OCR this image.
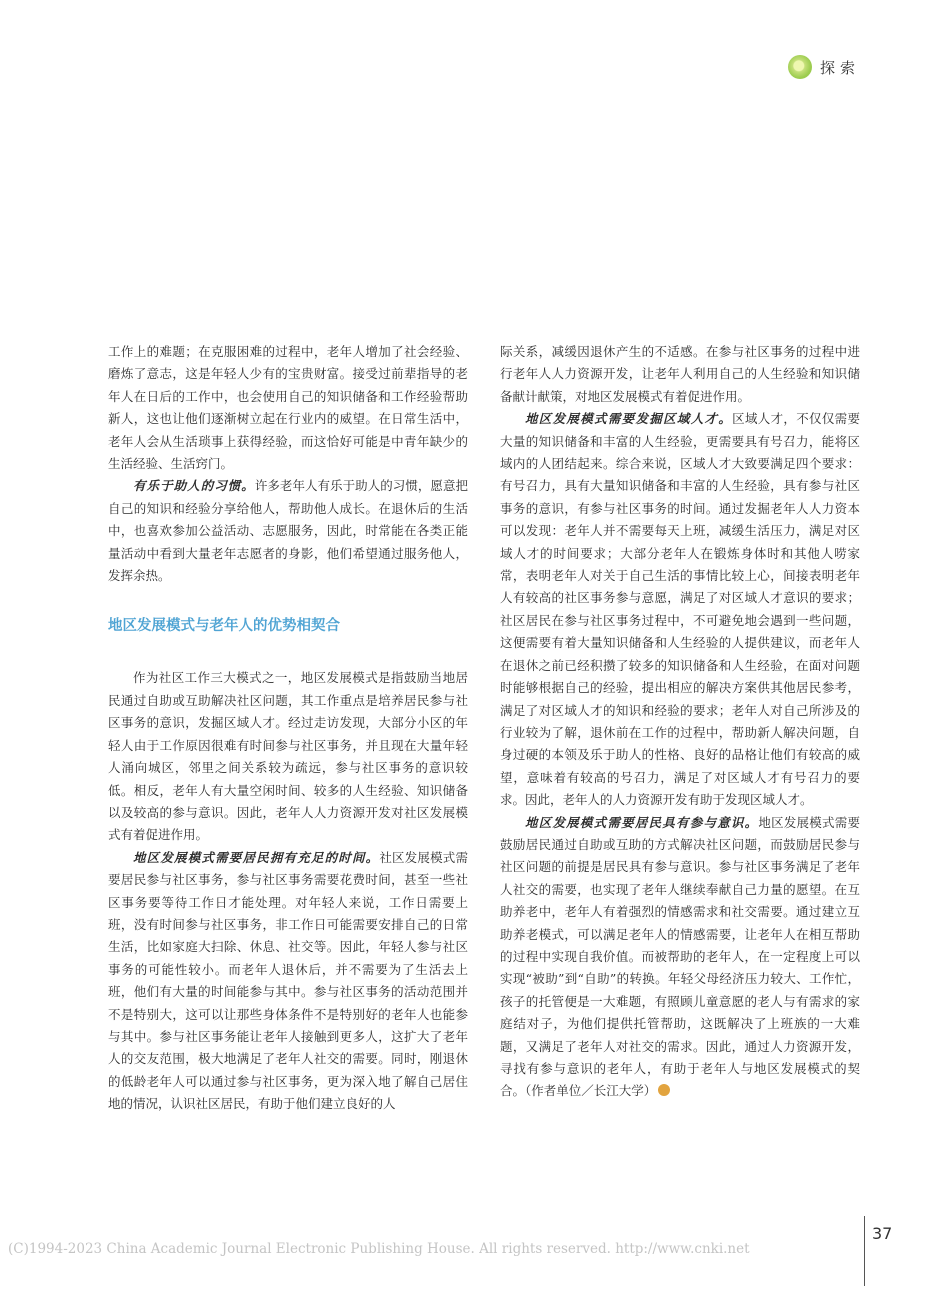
探索

工作上的难题；在克服困难的过程中，老年人增加了社会经验、磨炼了意志，这是年轻人少有的宝贵财富。接受过前辈指导的老年人在日后的工作中，也会使用自己的知识储备和工作经验帮助新人，这也让他们逐渐树立起在行业内的威望。在日常生活中，老年人会从生活琐事上获得经验，而这恰好可能是中青年缺少的生活经验、生活窍门。

有乐于助人的习惯。许多老年人有乐于助人的习惯，愿意把自己的知识和经验分享给他人，帮助他人成长。在退休后的生活中，也喜欢参加公益活动、志愿服务，因此，时常能在各类正能量活动中看到大量老年志愿者的身影，他们希望通过服务他人，发挥余热。

地区发展模式与老年人的优势相契合

作为社区工作三大模式之一，地区发展模式是指鼓励当地居民通过自助或互助解决社区问题，其工作重点是培养居民参与社区事务的意识，发掘区域人才。经过走访发现，大部分小区的年轻人由于工作原因很难有时间参与社区事务，并且现在大量年轻人涌向城区，邻里之间关系较为疏远，参与社区事务的意识较低。相反，老年人有大量空闲时间、较多的人生经验、知识储备以及较高的参与意识。因此，老年人人力资源开发对社区发展模式有着促进作用。

地区发展模式需要居民拥有充足的时间。社区发展模式需要居民参与社区事务，参与社区事务需要花费时间，甚至一些社区事务要等待工作日才能处理。对年轻人来说，工作日需要上班，没有时间参与社区事务，非工作日可能需要安排自己的日常生活，比如家庭大扫除、休息、社交等。因此，年轻人参与社区事务的可能性较小。而老年人退休后，并不需要为了生活去上班，他们有大量的时间能参与其中。参与社区事务的活动范围并不是特别大，这可以让那些身体条件不是特别好的老年人也能参与其中。参与社区事务能让老年人接触到更多人，这扩大了老年人的交友范围，极大地满足了老年人社交的需要。同时，刚退休的低龄老年人可以通过参与社区事务，更为深入地了解自己居住地的情况，认识社区居民，有助于他们建立良好的人

际关系，减缓因退休产生的不适感。在参与社区事务的过程中进行老年人人力资源开发，让老年人利用自己的人生经验和知识储备献计献策，对地区发展模式有着促进作用。

地区发展模式需要发掘区域人才。区域人才，不仅仅需要大量的知识储备和丰富的人生经验，更需要具有号召力，能将区域内的人团结起来。综合来说，区域人才大致要满足四个要求：有号召力，具有大量知识储备和丰富的人生经验，具有参与社区事务的意识，有参与社区事务的时间。通过发掘老年人人力资本可以发现：老年人并不需要每天上班，减缓生活压力，满足对区域人才的时间要求；大部分老年人在锻炼身体时和其他人唠家常，表明老年人对关于自己生活的事情比较上心，间接表明老年人有较高的社区事务参与意愿，满足了对区域人才意识的要求；社区居民在参与社区事务过程中，不可避免地会遇到一些问题，这便需要有着大量知识储备和人生经验的人提供建议，而老年人在退休之前已经积攒了较多的知识储备和人生经验，在面对问题时能够根据自己的经验，提出相应的解决方案供其他居民参考，满足了对区域人才的知识和经验的要求；老年人对自己所涉及的行业较为了解，退休前在工作的过程中，帮助新人解决问题，自身过硬的本领及乐于助人的性格、良好的品格让他们有较高的威望，意味着有较高的号召力，满足了对区域人才有号召力的要求。因此，老年人的人力资源开发有助于发现区域人才。

地区发展模式需要居民具有参与意识。地区发展模式需要鼓励居民通过自助或互助的方式解决社区问题，而鼓励居民参与社区问题的前提是居民具有参与意识。参与社区事务满足了老年人社交的需要，也实现了老年人继续奉献自己力量的愿望。在互助养老中，老年人有着强烈的情感需求和社交需要。通过建立互助养老模式，可以满足老年人的情感需要，让老年人在相互帮助的过程中实现自我价值。而被帮助的老年人，在一定程度上可以实现“被助”到“自助”的转换。年轻父母经济压力较大、工作忙，孩子的托管便是一大难题，有照顾儿童意愿的老人与有需求的家庭结对子，为他们提供托管帮助，这既解决了上班族的一大难题，又满足了老年人对社交的需求。因此，通过人力资源开发，寻找有参与意识的老年人，有助于老年人与地区发展模式的契合。（作者单位／长江大学）

(C)1994-2023 China Academic Journal Electronic Publishing House. All rights reserved. http://www.cnki.net
37
